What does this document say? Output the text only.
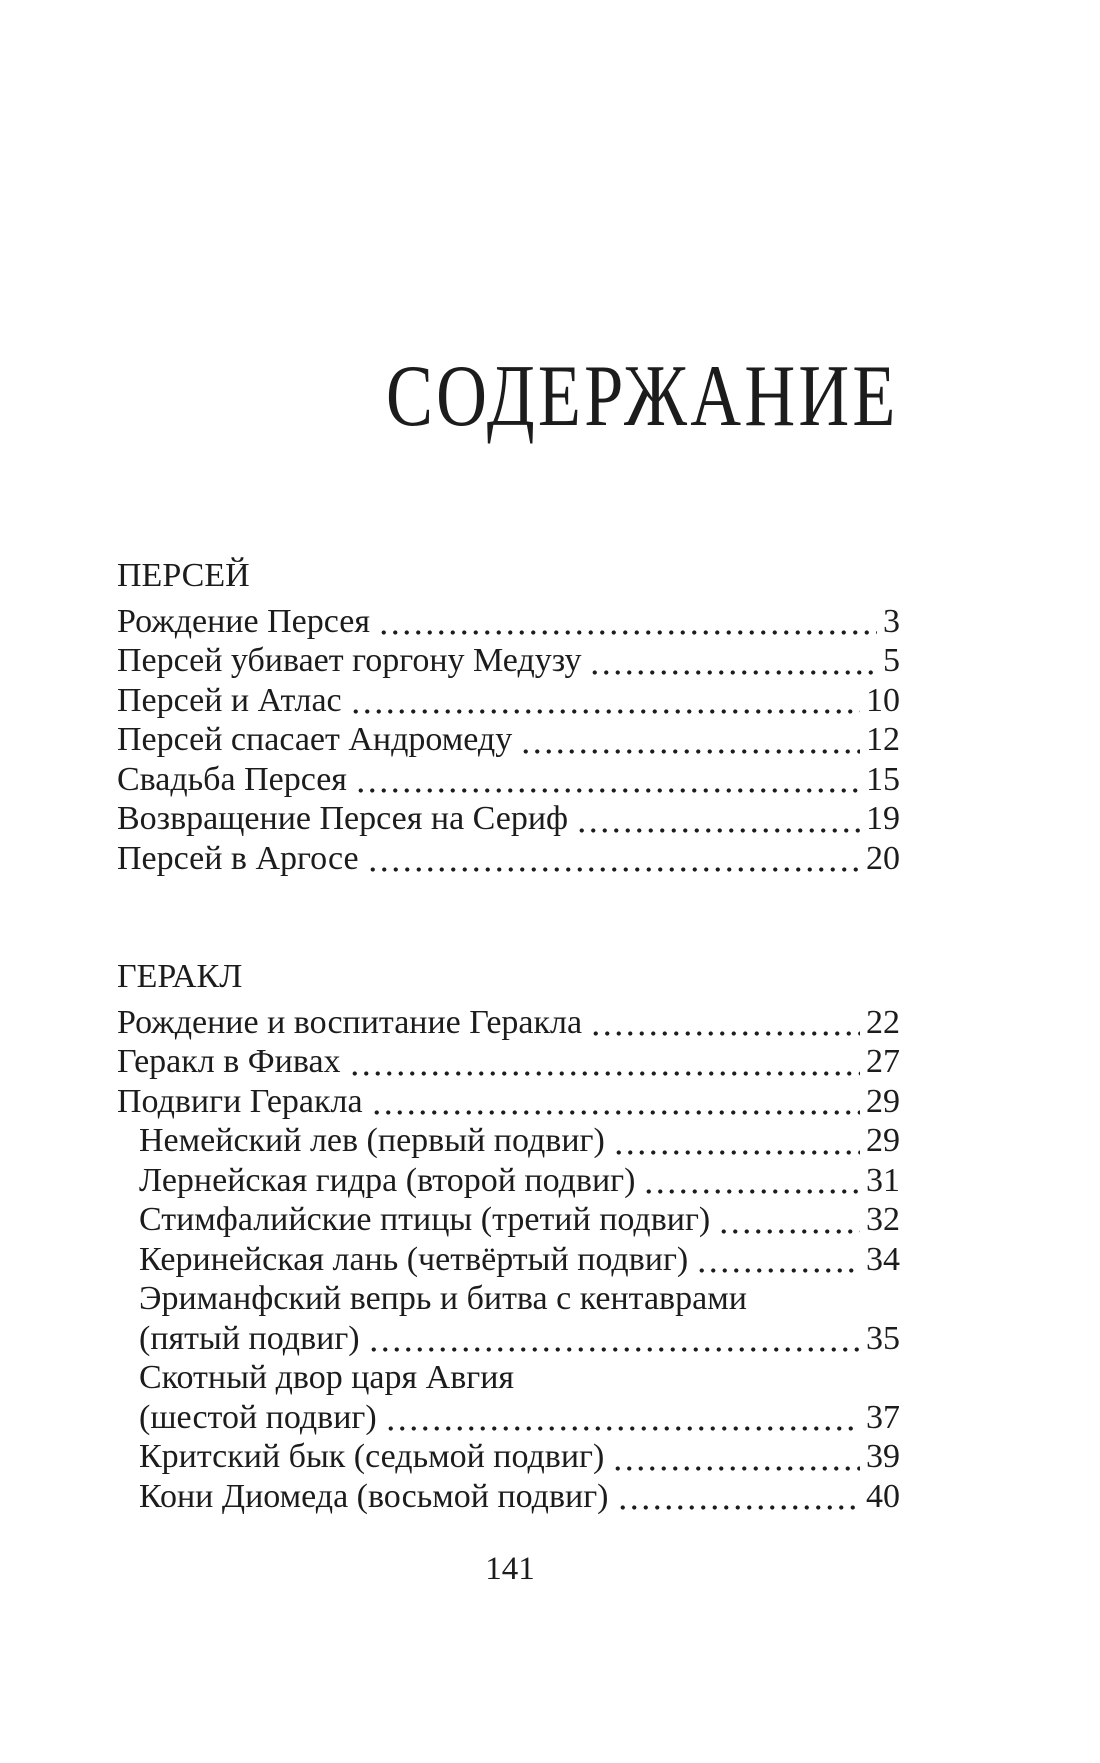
СОДЕРЖАНИЕ
ПЕРСЕЙ
Рождение Персея	3
Персей убивает горгону Медузу	5
Персей и Атлас	10
Персей спасает Андромеду	12
Свадьба Персея	15
Возвращение Персея на Сериф	19
Персей в Аргосе	20
ГЕРАКЛ
Рождение и воспитание Геракла	22
Геракл в Фивах	27
Подвиги Геракла	29
Немейский лев (первый подвиг)	29
Лернейская гидра (второй подвиг)	31
Стимфалийские птицы (третий подвиг)	32
Керинейская лань (четвёртый подвиг)	34
Эриманфский вепрь и битва с кентаврами
(пятый подвиг)	35
Скотный двор царя Авгия
(шестой подвиг)	37
Критский бык (седьмой подвиг)	39
Кони Диомеда (восьмой подвиг)	40
141
